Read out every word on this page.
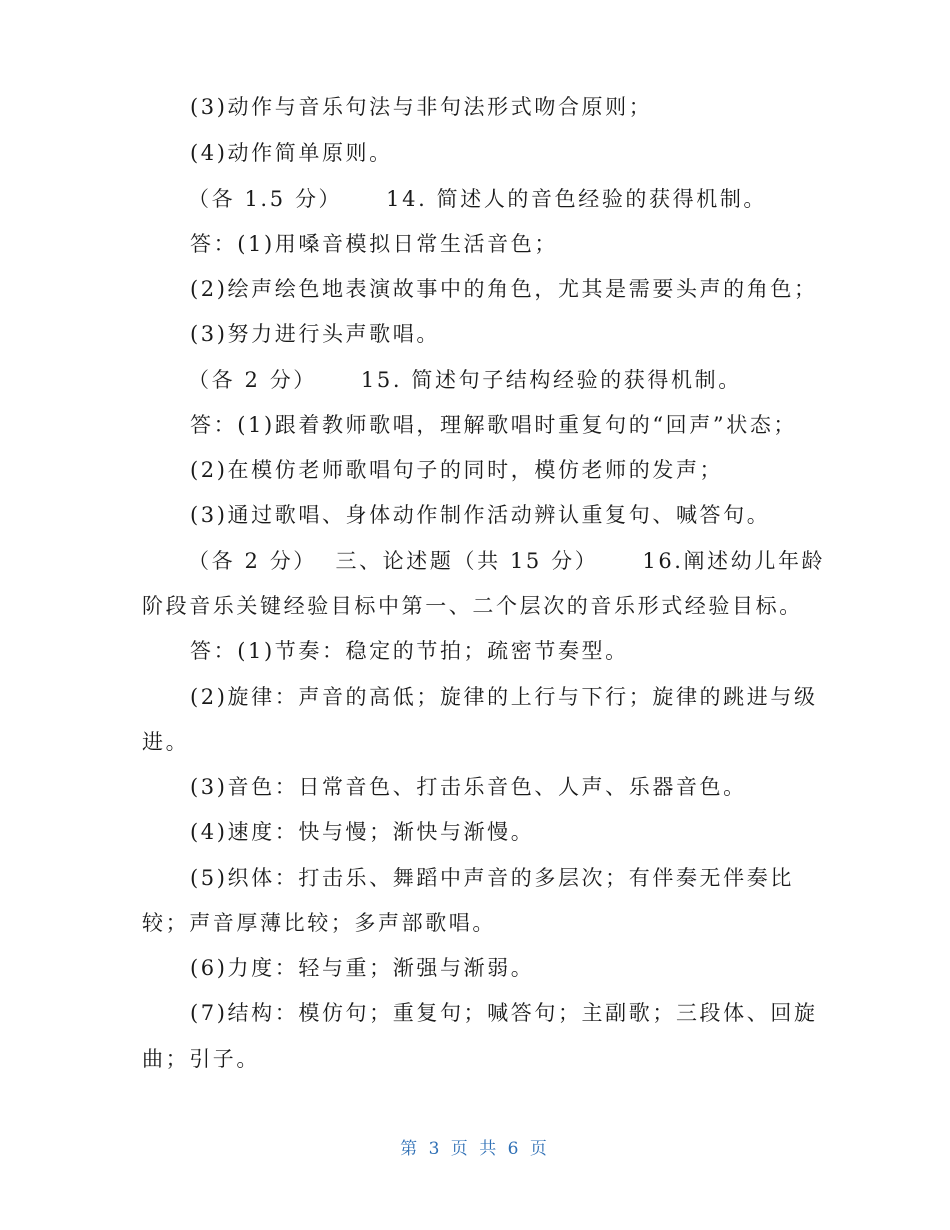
(3)动作与音乐句法与非句法形式吻合原则；
(4)动作简单原则。
（各 1.5 分） 14. 简述人的音色经验的获得机制。
答：(1)用嗓音模拟日常生活音色；
(2)绘声绘色地表演故事中的角色，尤其是需要头声的角色；
(3)努力进行头声歌唱。
（各 2 分） 15. 简述句子结构经验的获得机制。
答：(1)跟着教师歌唱，理解歌唱时重复句的“回声”状态；
(2)在模仿老师歌唱句子的同时，模仿老师的发声；
(3)通过歌唱、身体动作制作活动辨认重复句、喊答句。
（各 2 分） 三、论述题（共 15 分） 16.阐述幼儿年龄
阶段音乐关键经验目标中第一、二个层次的音乐形式经验目标。
答：(1)节奏：稳定的节拍；疏密节奏型。
(2)旋律：声音的高低；旋律的上行与下行；旋律的跳进与级
进。
(3)音色：日常音色、打击乐音色、人声、乐器音色。
(4)速度：快与慢；渐快与渐慢。
(5)织体：打击乐、舞蹈中声音的多层次；有伴奏无伴奏比
较；声音厚薄比较；多声部歌唱。
(6)力度：轻与重；渐强与渐弱。
(7)结构：模仿句；重复句；喊答句；主副歌；三段体、回旋
曲；引子。
第 3 页 共 6 页
